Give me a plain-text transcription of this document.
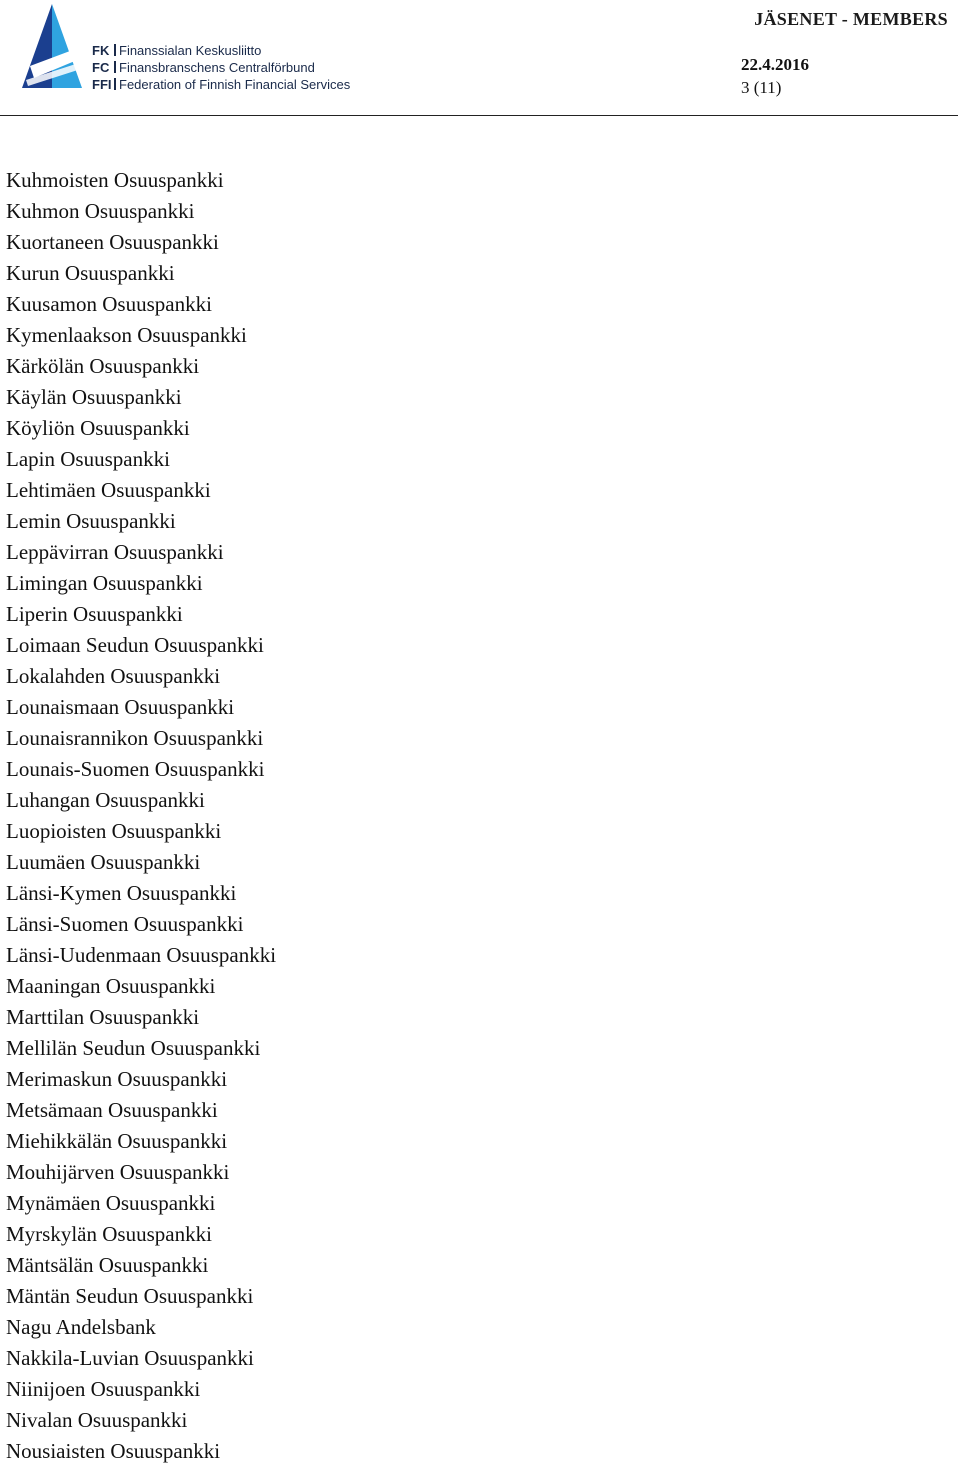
FK Finanssialan Keskusliitto
FC Finansbranschens Centralförbund
FFI Federation of Finnish Financial Services
JÄSENET - MEMBERS
22.4.2016
3 (11)
Kuhmoisten Osuuspankki
Kuhmon Osuuspankki
Kuortaneen Osuuspankki
Kurun Osuuspankki
Kuusamon Osuuspankki
Kymenlaakson Osuuspankki
Kärkölän Osuuspankki
Käylän Osuuspankki
Köyliön Osuuspankki
Lapin Osuuspankki
Lehtimäen Osuuspankki
Lemin Osuuspankki
Leppävirran Osuuspankki
Limingan Osuuspankki
Liperin Osuuspankki
Loimaan Seudun Osuuspankki
Lokalahden Osuuspankki
Lounaismaan Osuuspankki
Lounaisrannikon Osuuspankki
Lounais-Suomen Osuuspankki
Luhangan Osuuspankki
Luopioisten Osuuspankki
Luumäen Osuuspankki
Länsi-Kymen Osuuspankki
Länsi-Suomen Osuuspankki
Länsi-Uudenmaan Osuuspankki
Maaningan Osuuspankki
Marttilan Osuuspankki
Mellilän Seudun Osuuspankki
Merimaskun Osuuspankki
Metsämaan Osuuspankki
Miehikkälän Osuuspankki
Mouhijärven Osuuspankki
Mynämäen Osuuspankki
Myrskylän Osuuspankki
Mäntsälän Osuuspankki
Mäntän Seudun Osuuspankki
Nagu Andelsbank
Nakkila-Luvian Osuuspankki
Niinijoen Osuuspankki
Nivalan Osuuspankki
Nousiaisten Osuuspankki
